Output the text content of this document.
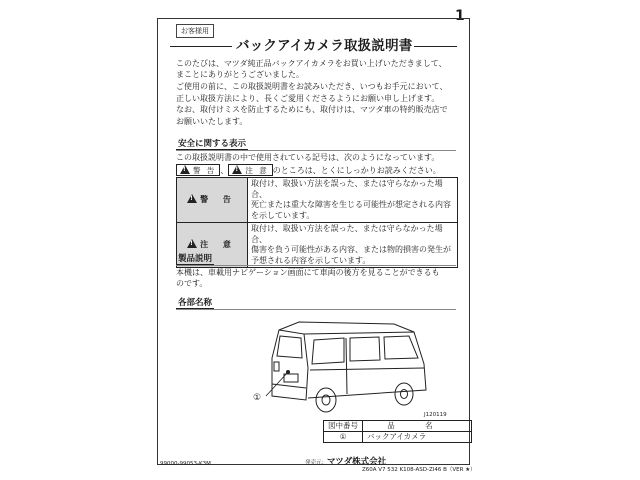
1
お客様用
バックアイカメラ取扱説明書
このたびは、マツダ純正品バックアイカメラをお買い上げいただきまして、
まことにありがとうございました。
ご使用の前に、この取扱説明書をお読みいただき、いつもお手元において、
正しい取扱方法により、長くご愛用くださるようにお願い申し上げます。
なお、取付けミスを防止するためにも、取付けは、マツダ車の特約販売店で
お願いいたします。
安全に関する表示
この取扱説明書の中で使用されている記号は、次のようになっています。
!警 告 、 ! 注 意 のところは、とくにしっかりお読みください。
!警 告	取付け、取扱い方法を誤った、または守らなかった場合、
死亡または重大な障害を生じる可能性が想定される内容
を示しています。

!注 意	取付け、取扱い方法を誤った、または守らなかった場合、
傷害を負う可能性がある内容、または物的損害の発生が
予想される内容を示しています。
製品説明
本機は、車載用ナビゲーション画面にて車両の後方を見ることができるも
のです。
各部名称
①
J120119
図中番号	品 名
①	バックアイカメラ
99000-99053-K3M	発売元：マツダ株式会社
Z60A V7 532 K108-ASD-ZI46 B（VER ★）
